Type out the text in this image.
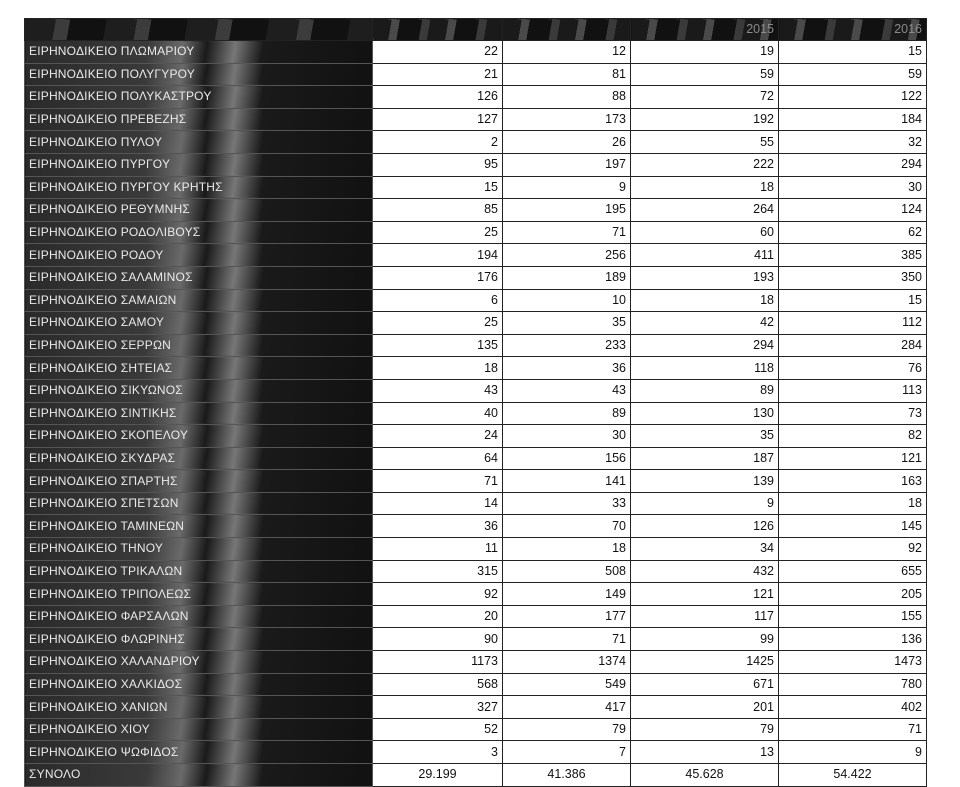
			2015	2016
ΕΙΡΗΝΟΔΙΚΕΙΟ ΠΛΩΜΑΡΙΟΥ	22	12	19	15
ΕΙΡΗΝΟΔΙΚΕΙΟ ΠΟΛΥΓΥΡΟΥ	21	81	59	59
ΕΙΡΗΝΟΔΙΚΕΙΟ ΠΟΛΥΚΑΣΤΡΟΥ	126	88	72	122
ΕΙΡΗΝΟΔΙΚΕΙΟ ΠΡΕΒΕΖΗΣ	127	173	192	184
ΕΙΡΗΝΟΔΙΚΕΙΟ ΠΥΛΟΥ	2	26	55	32
ΕΙΡΗΝΟΔΙΚΕΙΟ ΠΥΡΓΟΥ	95	197	222	294
ΕΙΡΗΝΟΔΙΚΕΙΟ ΠΥΡΓΟΥ ΚΡΗΤΗΣ	15	9	18	30
ΕΙΡΗΝΟΔΙΚΕΙΟ ΡΕΘΥΜΝΗΣ	85	195	264	124
ΕΙΡΗΝΟΔΙΚΕΙΟ ΡΟΔΟΛΙΒΟΥΣ	25	71	60	62
ΕΙΡΗΝΟΔΙΚΕΙΟ ΡΟΔΟΥ	194	256	411	385
ΕΙΡΗΝΟΔΙΚΕΙΟ ΣΑΛΑΜΙΝΟΣ	176	189	193	350
ΕΙΡΗΝΟΔΙΚΕΙΟ ΣΑΜΑΙΩΝ	6	10	18	15
ΕΙΡΗΝΟΔΙΚΕΙΟ ΣΑΜΟΥ	25	35	42	112
ΕΙΡΗΝΟΔΙΚΕΙΟ ΣΕΡΡΩΝ	135	233	294	284
ΕΙΡΗΝΟΔΙΚΕΙΟ ΣΗΤΕΙΑΣ	18	36	118	76
ΕΙΡΗΝΟΔΙΚΕΙΟ ΣΙΚΥΩΝΟΣ	43	43	89	113
ΕΙΡΗΝΟΔΙΚΕΙΟ ΣΙΝΤΙΚΗΣ	40	89	130	73
ΕΙΡΗΝΟΔΙΚΕΙΟ ΣΚΟΠΕΛΟΥ	24	30	35	82
ΕΙΡΗΝΟΔΙΚΕΙΟ ΣΚΥΔΡΑΣ	64	156	187	121
ΕΙΡΗΝΟΔΙΚΕΙΟ ΣΠΑΡΤΗΣ	71	141	139	163
ΕΙΡΗΝΟΔΙΚΕΙΟ ΣΠΕΤΣΩΝ	14	33	9	18
ΕΙΡΗΝΟΔΙΚΕΙΟ ΤΑΜΙΝΕΩΝ	36	70	126	145
ΕΙΡΗΝΟΔΙΚΕΙΟ ΤΗΝΟΥ	11	18	34	92
ΕΙΡΗΝΟΔΙΚΕΙΟ ΤΡΙΚΑΛΩΝ	315	508	432	655
ΕΙΡΗΝΟΔΙΚΕΙΟ ΤΡΙΠΟΛΕΩΣ	92	149	121	205
ΕΙΡΗΝΟΔΙΚΕΙΟ ΦΑΡΣΑΛΩΝ	20	177	117	155
ΕΙΡΗΝΟΔΙΚΕΙΟ ΦΛΩΡΙΝΗΣ	90	71	99	136
ΕΙΡΗΝΟΔΙΚΕΙΟ ΧΑΛΑΝΔΡΙΟΥ	1173	1374	1425	1473
ΕΙΡΗΝΟΔΙΚΕΙΟ ΧΑΛΚΙΔΟΣ	568	549	671	780
ΕΙΡΗΝΟΔΙΚΕΙΟ ΧΑΝΙΩΝ	327	417	201	402
ΕΙΡΗΝΟΔΙΚΕΙΟ ΧΙΟΥ	52	79	79	71
ΕΙΡΗΝΟΔΙΚΕΙΟ ΨΩΦΙΔΟΣ	3	7	13	9
ΣΥΝΟΛΟ	29.199	41.386	45.628	54.422
